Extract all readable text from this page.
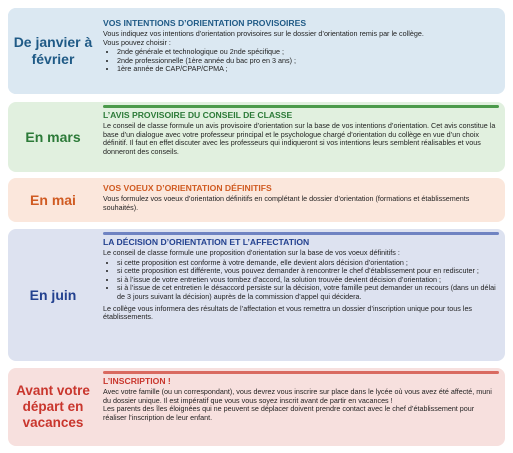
De janvier à février
VOS INTENTIONS D’ORIENTATION PROVISOIRES

Vous indiquez vos intentions d’orientation provisoires sur le dossier d’orientation remis par le collège.

Vous pouvez choisir :

• 2nde générale et technologique ou 2nde spécifique ;
• 2nde professionnelle (1ère année du bac pro en 3 ans) ;
• 1ère année de CAP/CPAP/CPMA ;
En mars
L’AVIS PROVISOIRE DU CONSEIL DE CLASSE

Le conseil de classe formule un avis provisoire d’orientation sur la base de vos intentions d’orientation. Cet avis constitue la base d’un dialogue avec votre professeur principal et le psychologue chargé d’orientation du collège en vue d’un choix définitif. Il faut en effet discuter avec les professeurs qui indiqueront si vos intentions leurs semblent réalisables et vous donneront des conseils.

En mai
VOS VOEUX D’ORIENTATION DÉFINITIFS

Vous formulez vos voeux d’orientation définitifs en complétant le dossier d’orientation (formations et établissements souhaités).

En juin
LA DÉCISION D’ORIENTATION ET L’AFFECTATION

Le conseil de classe formule une proposition d’orientation sur la base de vos voeux définitifs :

• si cette proposition est conforme à votre demande, elle devient alors décision d’orientation ;
• si cette proposition est différente, vous pouvez demander à rencontrer le chef d’établissement pour en rediscuter ;
• si à l’issue de votre entretien vous tombez d’accord, la solution trouvée devient décision d’orientation ;
• si à l’issue de cet entretien le désaccord persiste sur la décision, votre famille peut demander un recours (dans un délai de 3 jours suivant la décision) auprès de la commission d’appel qui décidera.

Le collège vous informera des résultats de l’affectation et vous remettra un dossier d’inscription unique pour tous les établissements.

Avant votre départ en vacances
L’INSCRIPTION !

Avec votre famille (ou un correspondant), vous devrez vous inscrire sur place dans le lycée où vous avez été affecté, muni du dossier unique. Il est impératif que vous vous soyez inscrit avant de partir en vacances !

Les parents des îles éloignées qui ne peuvent se déplacer doivent prendre contact avec le chef d’établissement pour réaliser l’inscription de leur enfant.
